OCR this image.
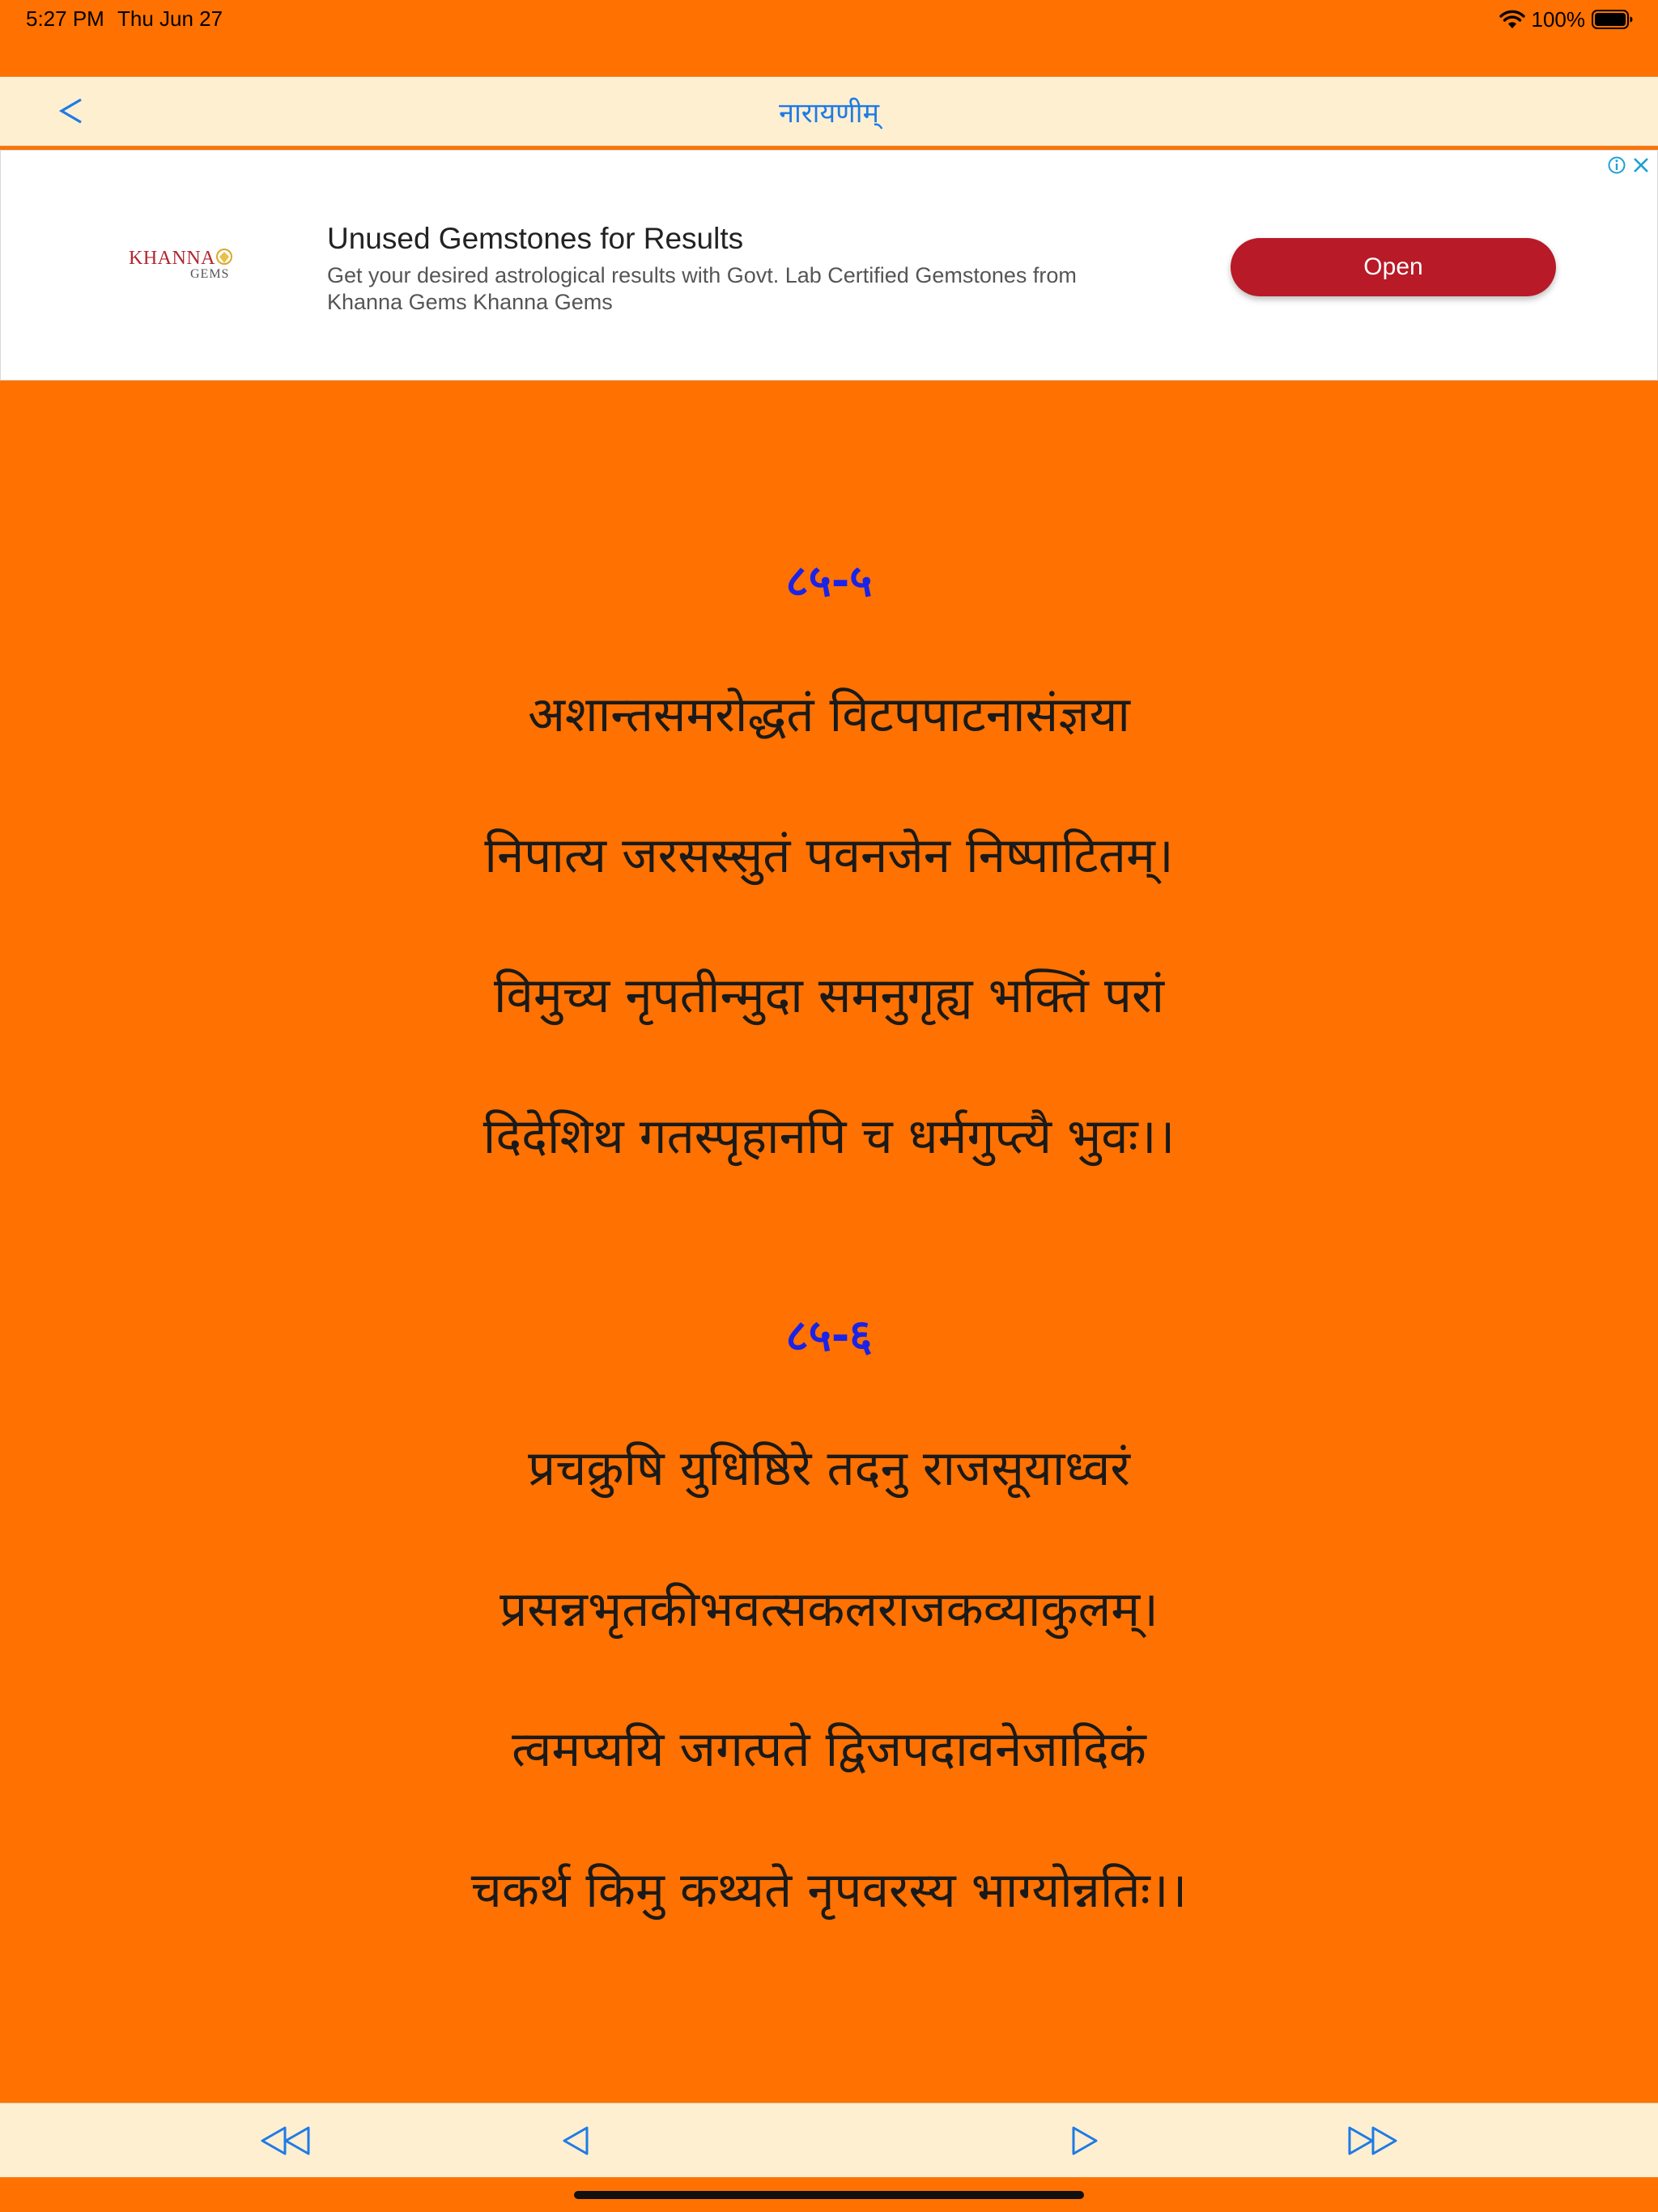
5:27 PM Thu Jun 27	100%
नारायणीम्
KHANNA
GEMS
Unused Gemstones for Results
Get your desired astrological results with Govt. Lab Certified Gemstones from Khanna Gems Khanna Gems
Open
८५-५
अशान्तसमरोद्धतं विटपपाटनासंज्ञया
निपात्य जरसस्सुतं पवनजेन निष्पाटितम्।
विमुच्य नृपतीन्मुदा समनुगृह्य भक्तिं परां
दिदेशिथ गतस्पृहानपि च धर्मगुप्त्यै भुवः।।
८५-६
प्रचक्रुषि युधिष्ठिरे तदनु राजसूयाध्वरं
प्रसन्नभृतकीभवत्सकलराजकव्याकुलम्।
त्वमप्ययि जगत्पते द्विजपदावनेजादिकं
चकर्थ किमु कथ्यते नृपवरस्य भाग्योन्नतिः।।
